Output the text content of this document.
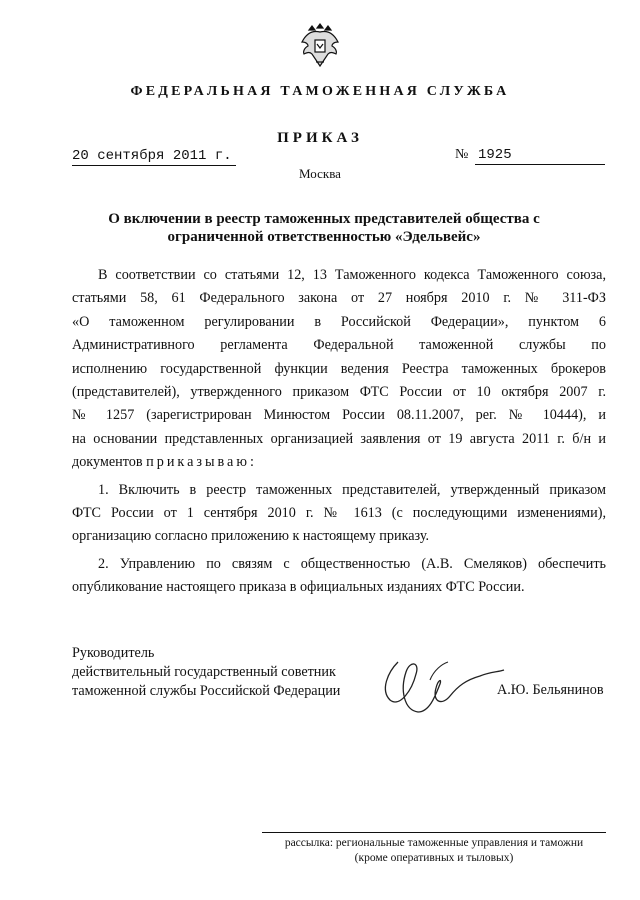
ФЕДЕРАЛЬНАЯ ТАМОЖЕННАЯ СЛУЖБА
ПРИКАЗ
20 сентября 2011 г.	№ 1925
Москва
О включении в реестр таможенных представителей общества с ограниченной ответственностью «Эдельвейс»

В соответствии со статьями 12, 13 Таможенного кодекса Таможенного союза,

статьями 58, 61 Федерального закона от 27 ноября 2010 г. № 311-ФЗ

«О таможенном регулировании в Российской Федерации», пунктом 6

Административного регламента Федеральной таможенной службы по

исполнению государственной функции ведения Реестра таможенных брокеров

(представителей), утвержденного приказом ФТС России от 10 октября 2007 г.

№ 1257 (зарегистрирован Минюстом России 08.11.2007, рег. № 10444), и

на основании представленных организацией заявления от 19 августа 2011 г. б/н и

документов приказываю:

1. Включить в реестр таможенных представителей, утвержденный приказом

ФТС России от 1 сентября 2010 г. № 1613 (с последующими изменениями),

организацию согласно приложению к настоящему приказу.

2. Управлению по связям с общественностью (А.В. Смеляков) обеспечить

опубликование настоящего приказа в официальных изданиях ФТС России.

Руководитель
действительный государственный советник
таможенной службы Российской Федерации	А.Ю. Бельянинов
рассылка: региональные таможенные управления и таможни
(кроме оперативных и тыловых)
